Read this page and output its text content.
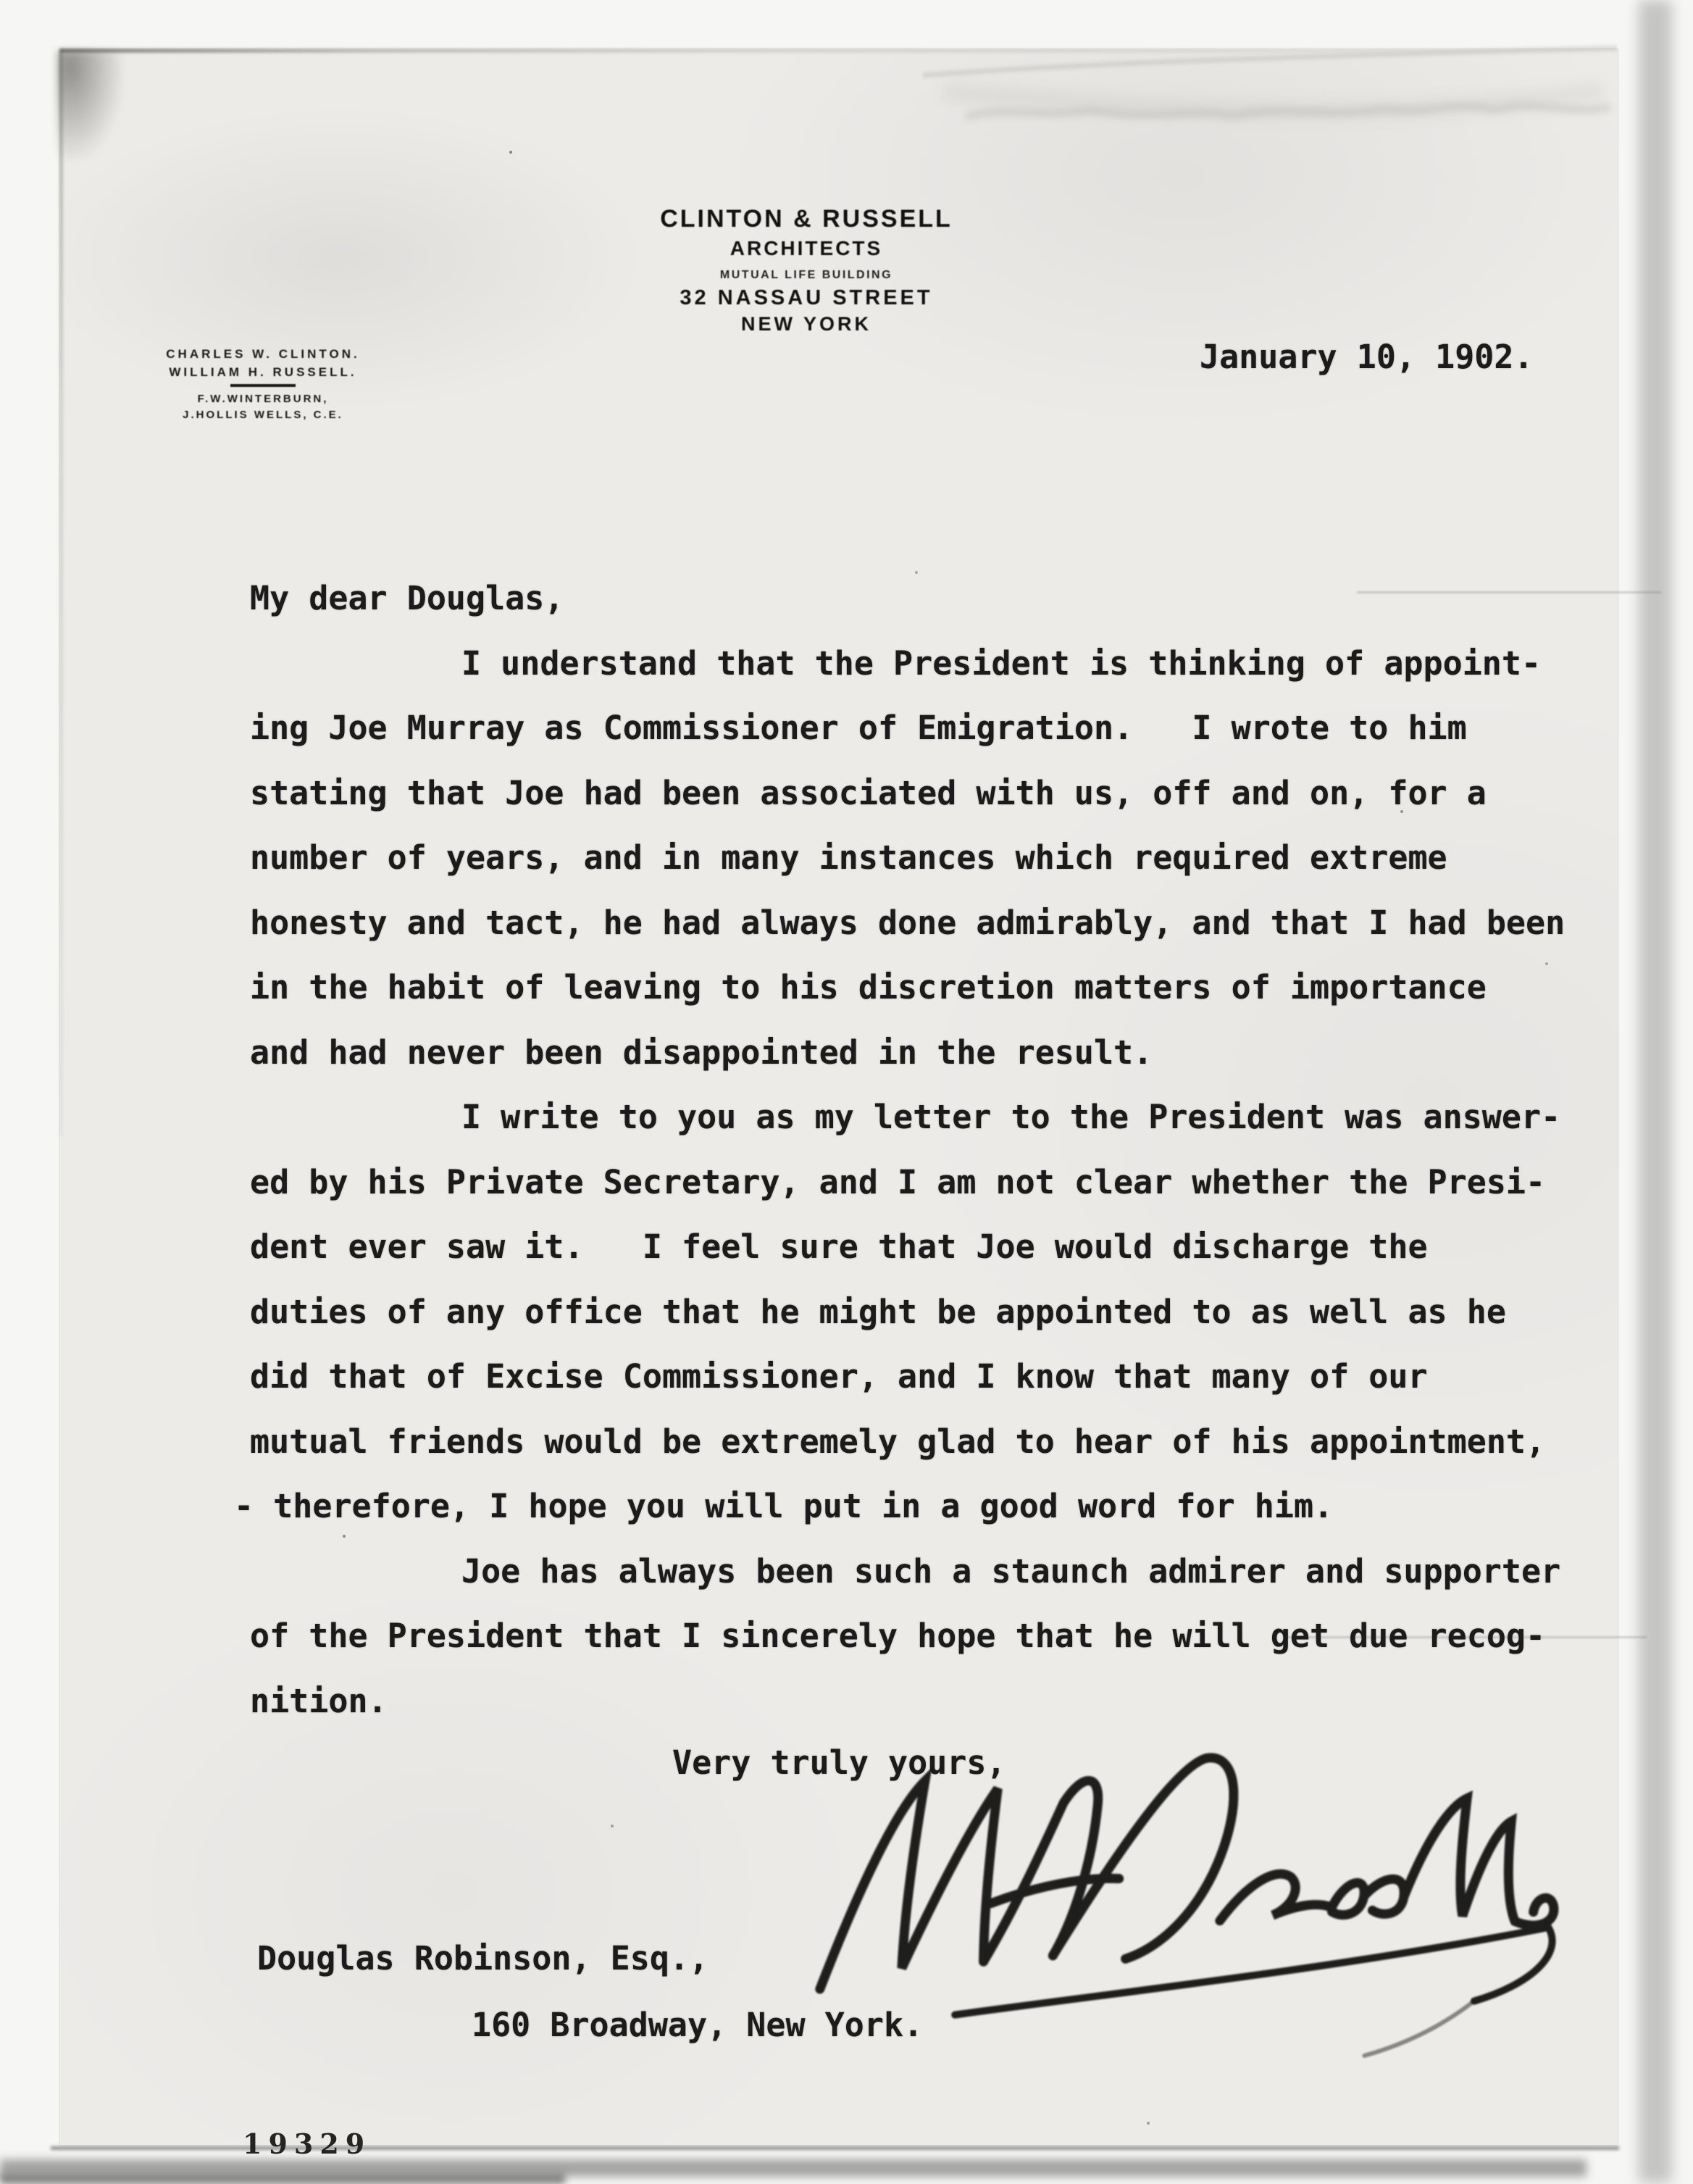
CLINTON & RUSSELL
ARCHITECTS
MUTUAL LIFE BUILDING
32 NASSAU STREET
NEW YORK
CHARLES W. CLINTON.
WILLIAM H. RUSSELL.
F.W.WINTERBURN,
J.HOLLIS WELLS, C.E.
January 10, 1902.
My dear Douglas,
I understand that the President is thinking of appoint-
ing Joe Murray as Commissioner of Emigration.   I wrote to him
stating that Joe had been associated with us, off and on, for a
number of years, and in many instances which required extreme
honesty and tact, he had always done admirably, and that I had been
in the habit of leaving to his discretion matters of importance
and had never been disappointed in the result.
I write to you as my letter to the President was answer-
ed by his Private Secretary, and I am not clear whether the Presi-
dent ever saw it.   I feel sure that Joe would discharge the
duties of any office that he might be appointed to as well as he
did that of Excise Commissioner, and I know that many of our
mutual friends would be extremely glad to hear of his appointment,
- therefore, I hope you will put in a good word for him.
Joe has always been such a staunch admirer and supporter
of the President that I sincerely hope that he will get due recog-
nition.
Very truly yours,
Douglas Robinson, Esq.,
160 Broadway, New York.
19329
